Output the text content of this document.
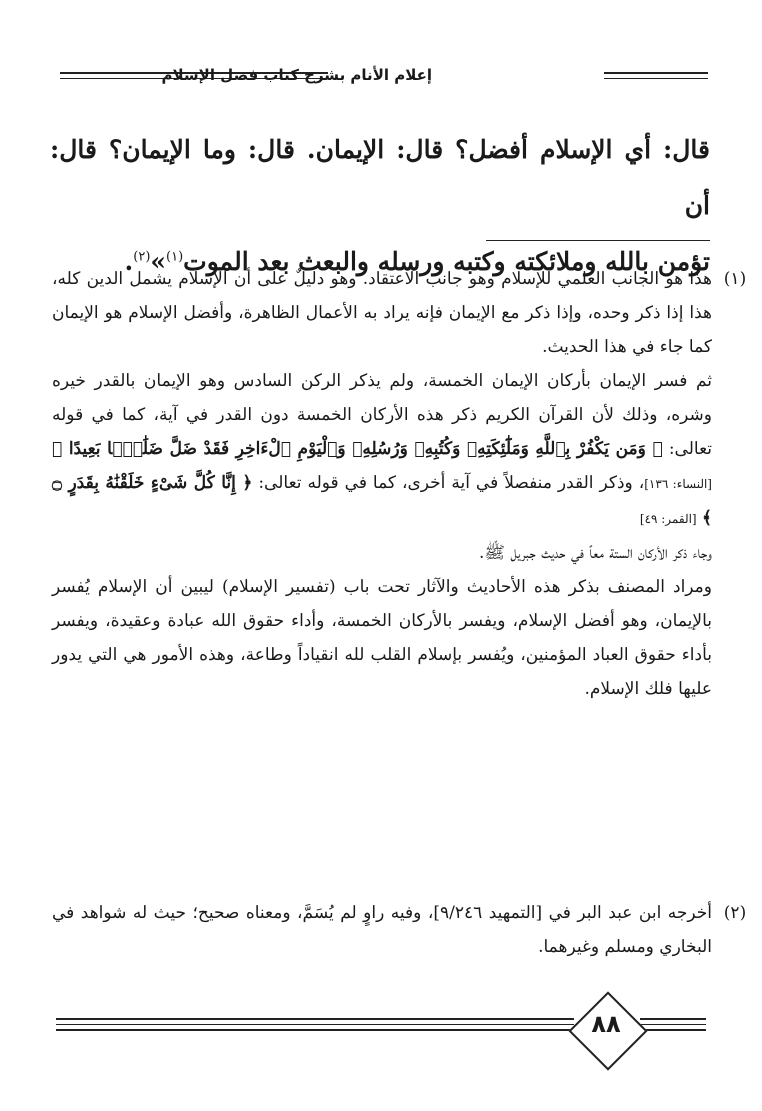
إعلام الأنام بشرح كتاب فضل الإسلام
قال: أي الإسلام أفضل؟ قال: الإيمان. قال: وما الإيمان؟ قال: أن
تؤمن بالله وملائكته وكتبه ورسله والبعث بعد الموت$^{(١)}$»$^{(٢)}$.
(١)

هذا هو الجانب العلمي للإسلام وهو جانب الاعتقاد. وهو دليلٌ على أن الإسلام يشمل الدين كله، هذا إذا ذكر وحده، وإذا ذكر مع الإيمان فإنه يراد به الأعمال الظاهرة، وأفضل الإسلام هو الإيمان كما جاء في هذا الحديث.

ثم فسر الإيمان بأركان الإيمان الخمسة، ولم يذكر الركن السادس وهو الإيمان بالقدر خيره وشره، وذلك لأن القرآن الكريم ذكر هذه الأركان الخمسة دون القدر في آية، كما في قوله تعالى: ﴿ وَمَن يَكْفُرْ بِٱللَّهِ وَمَلَٰٓئِكَتِهِۦ وَكُتُبِهِۦ وَرُسُلِهِۦ وَٱلْيَوْمِ ٱلْءَاخِرِ فَقَدْ ضَلَّ ضَلَٰلًۢا بَعِيدًا ﴾ [النساء: ١٣٦]، وذكر القدر منفصلاً في آية أخرى، كما في قوله تعالى: ﴿ إِنَّا كُلَّ شَىْءٍ خَلَقْنَٰهُ بِقَدَرٍ ۝ ﴾ [القمر: ٤٩]

وجاء ذكر الأركان الستة معاً في حديث جبريل ﷺ.

ومراد المصنف بذكر هذه الأحاديث والآثار تحت باب (تفسير الإسلام) ليبين أن الإسلام يُفسر بالإيمان، وهو أفضل الإسلام، ويفسر بالأركان الخمسة، وأداء حقوق الله عبادة وعقيدة، ويفسر بأداء حقوق العباد المؤمنين، ويُفسر بإسلام القلب لله انقياداً وطاعة، وهذه الأمور هي التي يدور عليها فلك الإسلام.

(٢)

أخرجه ابن عبد البر في [التمهيد ٩/٢٤٦]، وفيه راوٍ لم يُسَمَّ، ومعناه صحيح؛ حيث له شواهد في البخاري ومسلم وغيرهما.

٨٨
